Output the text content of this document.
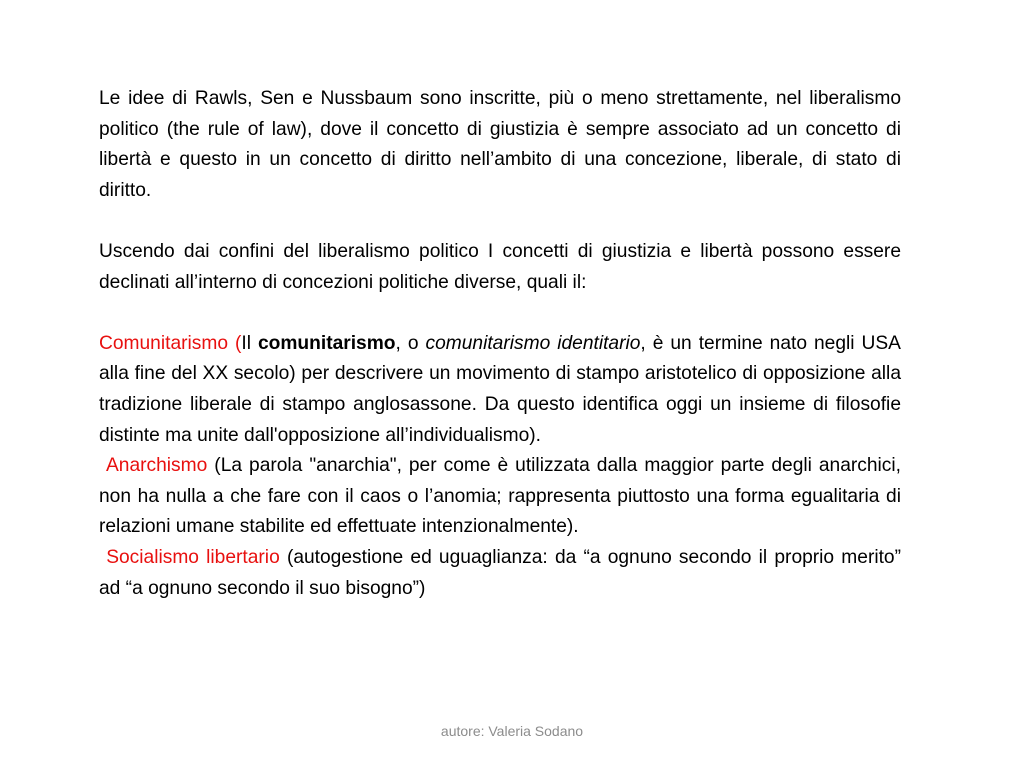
Le idee di Rawls, Sen e Nussbaum sono inscritte, più o meno strettamente, nel liberalismo politico (the rule of law), dove il concetto di giustizia è sempre associato ad un concetto di libertà e questo in un concetto di diritto nell’ambito di una concezione, liberale, di stato di diritto.

Uscendo dai confini del liberalismo politico I concetti di giustizia e libertà possono essere declinati all’interno di concezioni politiche diverse, quali il:

Comunitarismo (Il comunitarismo, o comunitarismo identitario, è un termine nato negli USA alla fine del XX secolo) per descrivere un movimento di stampo aristotelico di opposizione alla tradizione liberale di stampo anglosassone. Da questo identifica oggi un insieme di filosofie distinte ma unite dall'opposizione all’individualismo).

Anarchismo (La parola "anarchia", per come è utilizzata dalla maggior parte degli anarchici, non ha nulla a che fare con il caos o l’anomia; rappresenta piuttosto una forma egualitaria di relazioni umane stabilite ed effettuate intenzionalmente).

Socialismo libertario (autogestione ed uguaglianza: da “a ognuno secondo il proprio merito” ad “a ognuno secondo il suo bisogno”)

autore: Valeria Sodano
